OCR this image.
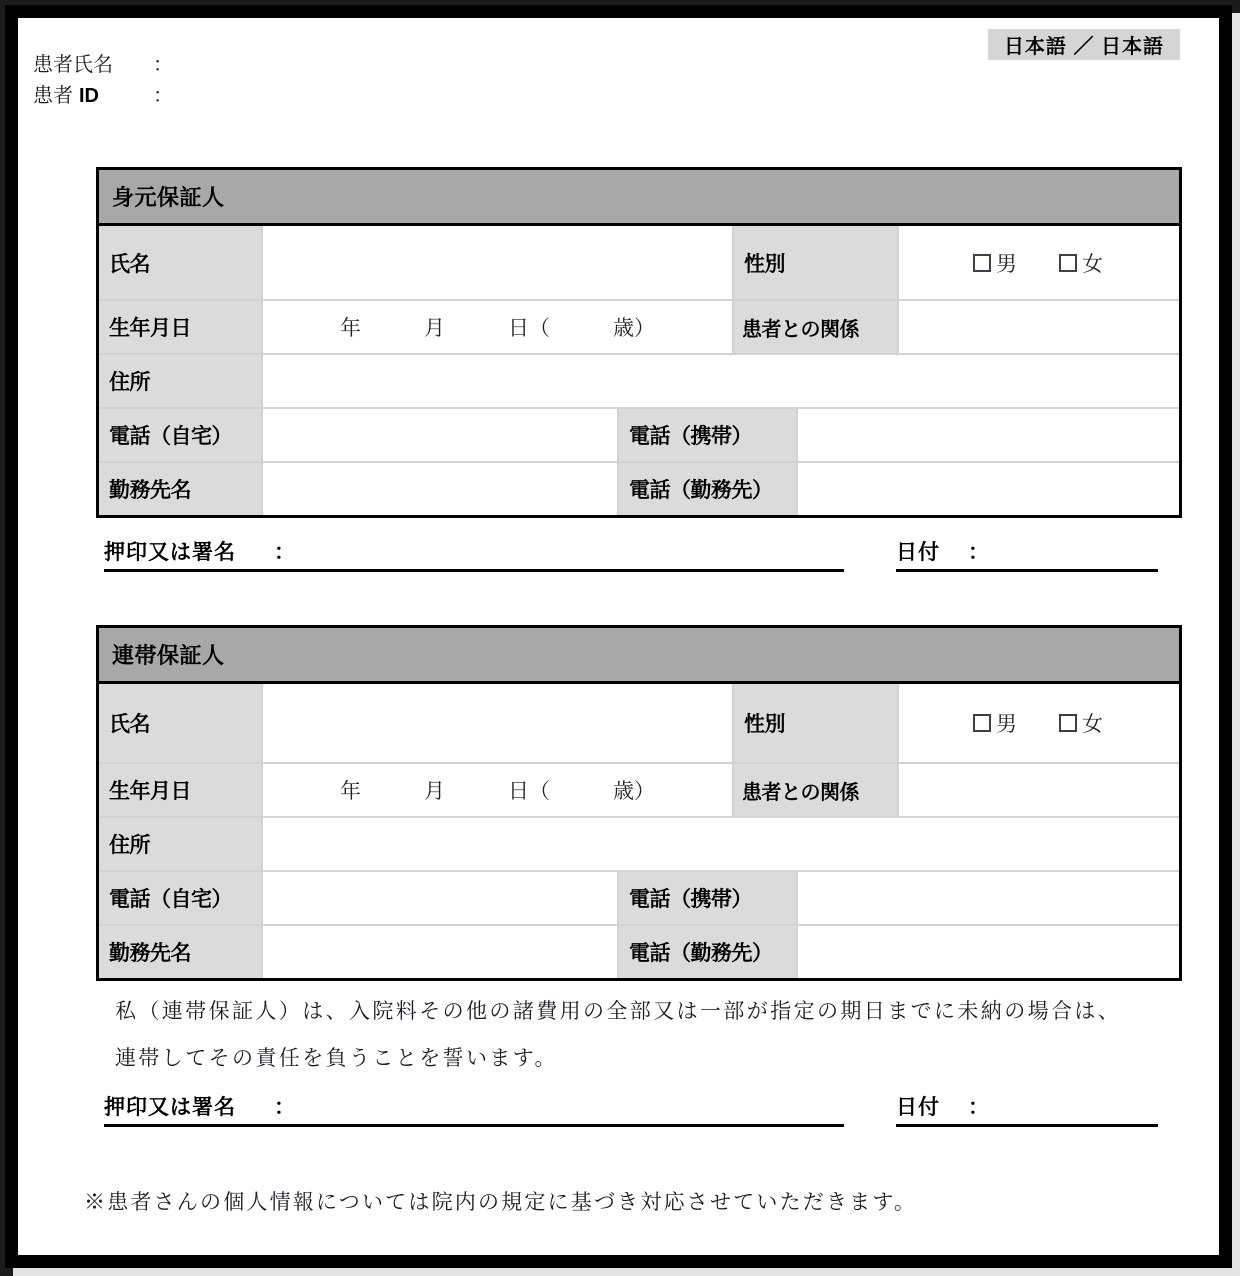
日本語 ／ 日本語
患者氏名	：
患者 ID	：
身元保証人
氏名	性別	男	女
生年月日	年　　　月　　　日（　　　歳）	患者との関係
住所
電話（自宅）	電話（携帯）
勤務先名	電話（勤務先）
押印又は署名 ：	日付 ：
連帯保証人
氏名	性別	男	女
生年月日	年　　　月　　　日（　　　歳）	患者との関係
住所
電話（自宅）	電話（携帯）
勤務先名	電話（勤務先）
私（連帯保証人）は、入院料その他の諸費用の全部又は一部が指定の期日までに未納の場合は、
連帯してその責任を負うことを誓います。
押印又は署名 ：	日付 ：
※患者さんの個人情報については院内の規定に基づき対応させていただきます。
